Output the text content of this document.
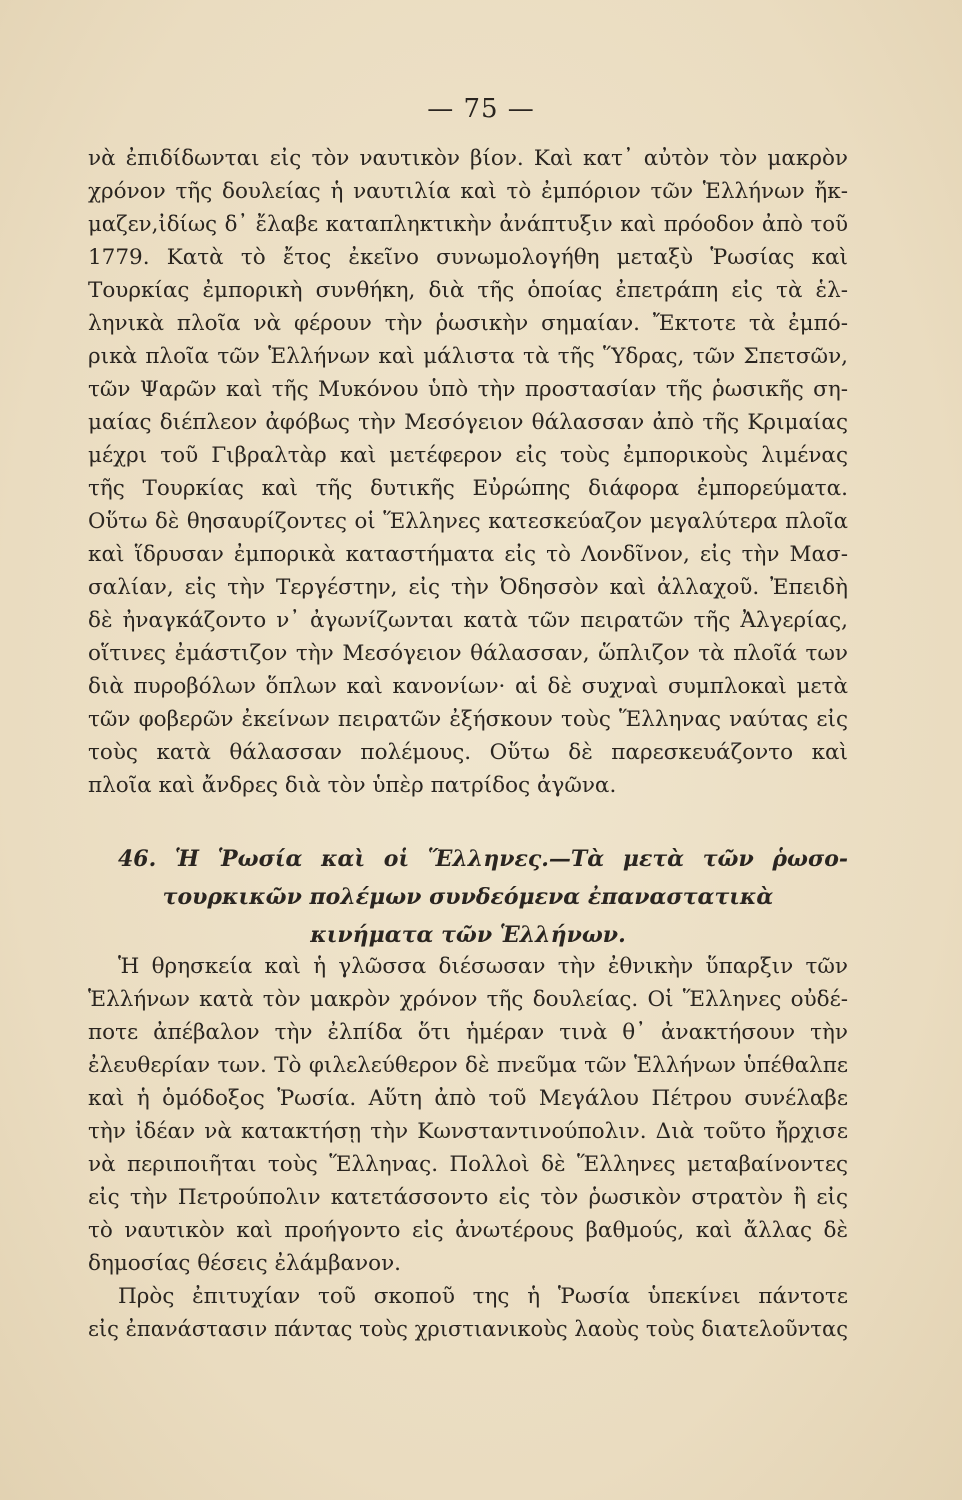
— 75 —
νὰ ἐπιδίδωνται εἰς τὸν ναυτικὸν βίον. Καὶ κατ᾽ αὐτὸν τὸν μακρὸν
χρόνον τῆς δουλείας ἡ ναυτιλία καὶ τὸ ἐμπόριον τῶν Ἑλλήνων ἤκ-
μαζεν,ἰδίως δ᾽ ἔλαβε καταπληκτικὴν ἀνάπτυξιν καὶ πρόοδον ἀπὸ τοῦ
1779. Κατὰ τὸ ἔτος ἐκεῖνο συνωμολογήθη μεταξὺ Ῥωσίας καὶ
Τουρκίας ἐμπορικὴ συνθήκη, διὰ τῆς ὁποίας ἐπετράπη εἰς τὰ ἑλ-
ληνικὰ πλοῖα νὰ φέρουν τὴν ῥωσικὴν σημαίαν. Ἔκτοτε τὰ ἐμπό-
ρικὰ πλοῖα τῶν Ἑλλήνων καὶ μάλιστα τὰ τῆς Ὕδρας, τῶν Σπετσῶν,
τῶν Ψαρῶν καὶ τῆς Μυκόνου ὑπὸ τὴν προστασίαν τῆς ῥωσικῆς ση-
μαίας διέπλεον ἀφόβως τὴν Μεσόγειον θάλασσαν ἀπὸ τῆς Κριμαίας
μέχρι τοῦ Γιβραλτὰρ καὶ μετέφερον εἰς τοὺς ἐμπορικοὺς λιμένας
τῆς Τουρκίας καὶ τῆς δυτικῆς Εὐρώπης διάφορα ἐμπορεύματα.
Οὕτω δὲ θησαυρίζοντες οἱ Ἕλληνες κατεσκεύαζον μεγαλύτερα πλοῖα
καὶ ἵδρυσαν ἐμπορικὰ καταστήματα εἰς τὸ Λονδῖνον, εἰς τὴν Μασ-
σαλίαν, εἰς τὴν Τεργέστην, εἰς τὴν Ὀδησσὸν καὶ ἀλλαχοῦ. Ἐπειδὴ
δὲ ἠναγκάζοντο ν᾽ ἀγωνίζωνται κατὰ τῶν πειρατῶν τῆς Ἀλγερίας,
οἵτινες ἐμάστιζον τὴν Μεσόγειον θάλασσαν, ὥπλιζον τὰ πλοῖά των
διὰ πυροβόλων ὅπλων καὶ κανονίων· αἱ δὲ συχναὶ συμπλοκαὶ μετὰ
τῶν φοβερῶν ἐκείνων πειρατῶν ἐξήσκουν τοὺς Ἕλληνας ναύτας εἰς
τοὺς κατὰ θάλασσαν πολέμους. Οὕτω δὲ παρεσκευάζοντο καὶ
πλοῖα καὶ ἄνδρες διὰ τὸν ὑπὲρ πατρίδος ἀγῶνα.
46. Ἡ Ῥωσία καὶ οἱ Ἕλληνες.—Τὰ μετὰ τῶν ῥωσο-
τουρκικῶν πολέμων συνδεόμενα ἐπαναστατικὰ
κινήματα τῶν Ἑλλήνων.
Ἡ θρησκεία καὶ ἡ γλῶσσα διέσωσαν τὴν ἐθνικὴν ὕπαρξιν τῶν
Ἑλλήνων κατὰ τὸν μακρὸν χρόνον τῆς δουλείας. Οἱ Ἕλληνες οὐδέ-
ποτε ἀπέβαλον τὴν ἐλπίδα ὅτι ἡμέραν τινὰ θ᾽ ἀνακτήσουν τὴν
ἐλευθερίαν των. Τὸ φιλελεύθερον δὲ πνεῦμα τῶν Ἑλλήνων ὑπέθαλπε
καὶ ἡ ὁμόδοξος Ῥωσία. Αὕτη ἀπὸ τοῦ Μεγάλου Πέτρου συνέλαβε
τὴν ἰδέαν νὰ κατακτήσῃ τὴν Κωνσταντινούπολιν. Διὰ τοῦτο ἤρχισε
νὰ περιποιῆται τοὺς Ἕλληνας. Πολλοὶ δὲ Ἕλληνες μεταβαίνοντες
εἰς τὴν Πετρούπολιν κατετάσσοντο εἰς τὸν ῥωσικὸν στρατὸν ἢ εἰς
τὸ ναυτικὸν καὶ προήγοντο εἰς ἀνωτέρους βαθμούς, καὶ ἄλλας δὲ
δημοσίας θέσεις ἐλάμβανον.
Πρὸς ἐπιτυχίαν τοῦ σκοποῦ της ἡ Ῥωσία ὑπεκίνει πάντοτε
εἰς ἐπανάστασιν πάντας τοὺς χριστιανικοὺς λαοὺς τοὺς διατελοῦντας
